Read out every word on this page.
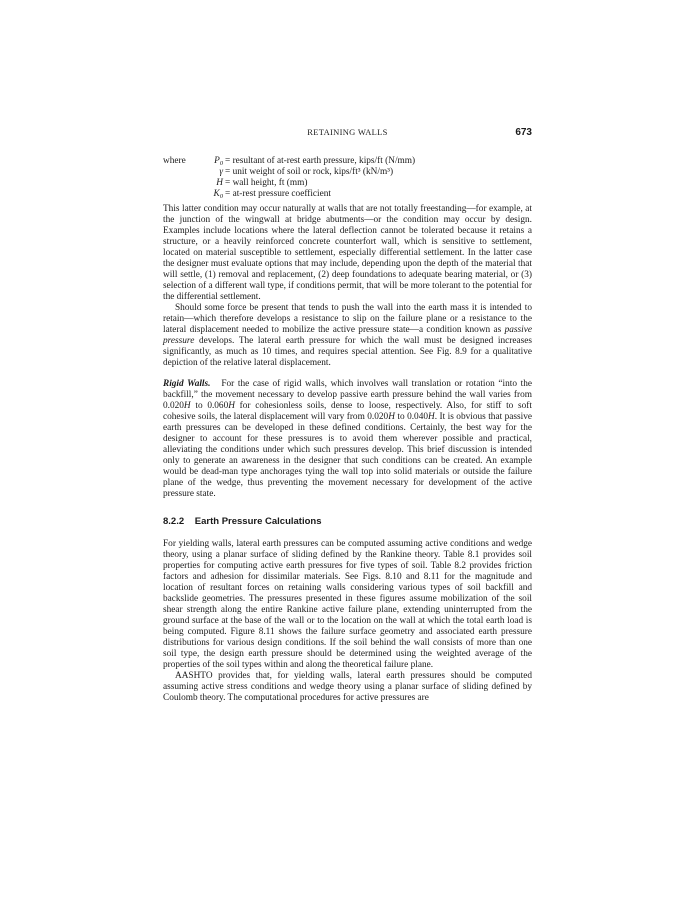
RETAINING WALLS	673
where	$P_0$ = resultant of at-rest earth pressure, kips/ft (N/mm)
γ = unit weight of soil or rock, kips/ft³ (kN/m³)
H = wall height, ft (mm)
$K_0$ = at-rest pressure coefficient

This latter condition may occur naturally at walls that are not totally freestanding—for example, at the junction of the wingwall at bridge abutments—or the condition may occur by design. Examples include locations where the lateral deflection cannot be tolerated because it retains a structure, or a heavily reinforced concrete counterfort wall, which is sensitive to settlement, located on material susceptible to settlement, especially differential settlement. In the latter case the designer must evaluate options that may include, depending upon the depth of the material that will settle, (1) removal and replacement, (2) deep foundations to adequate bearing material, or (3) selection of a different wall type, if conditions permit, that will be more tolerant to the potential for the differential settlement.

Should some force be present that tends to push the wall into the earth mass it is intended to retain—which therefore develops a resistance to slip on the failure plane or a resistance to the lateral displacement needed to mobilize the active pressure state—a condition known as passive pressure develops. The lateral earth pressure for which the wall must be designed increases significantly, as much as 10 times, and requires special attention. See Fig. 8.9 for a qualitative depiction of the relative lateral displacement.

Rigid Walls. For the case of rigid walls, which involves wall translation or rotation “into the backfill,” the movement necessary to develop passive earth pressure behind the wall varies from 0.020H to 0.060H for cohesionless soils, dense to loose, respectively. Also, for stiff to soft cohesive soils, the lateral displacement will vary from 0.020H to 0.040H. It is obvious that passive earth pressures can be developed in these defined conditions. Certainly, the best way for the designer to account for these pressures is to avoid them wherever possible and practical, alleviating the conditions under which such pressures develop. This brief discussion is intended only to generate an awareness in the designer that such conditions can be created. An example would be dead-man type anchorages tying the wall top into solid materials or outside the failure plane of the wedge, thus preventing the movement necessary for development of the active pressure state.

8.2.2 Earth Pressure Calculations

For yielding walls, lateral earth pressures can be computed assuming active conditions and wedge theory, using a planar surface of sliding defined by the Rankine theory. Table 8.1 provides soil properties for computing active earth pressures for five types of soil. Table 8.2 provides friction factors and adhesion for dissimilar materials. See Figs. 8.10 and 8.11 for the magnitude and location of resultant forces on retaining walls considering various types of soil backfill and backslide geometries. The pressures presented in these figures assume mobilization of the soil shear strength along the entire Rankine active failure plane, extending uninterrupted from the ground surface at the base of the wall or to the location on the wall at which the total earth load is being computed. Figure 8.11 shows the failure surface geometry and associated earth pressure distributions for various design conditions. If the soil behind the wall consists of more than one soil type, the design earth pressure should be determined using the weighted average of the properties of the soil types within and along the theoretical failure plane.

AASHTO provides that, for yielding walls, lateral earth pressures should be computed assuming active stress conditions and wedge theory using a planar surface of sliding defined by Coulomb theory. The computational procedures for active pressures are
